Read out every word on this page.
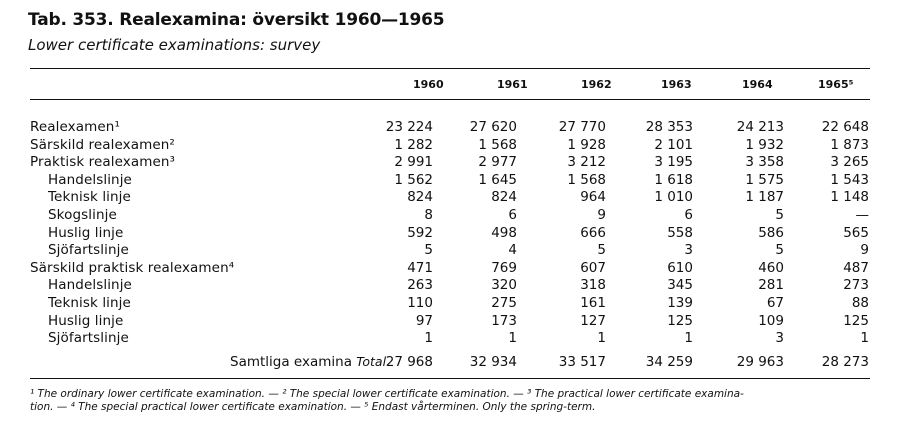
Tab. 353. Realexamina: översikt 1960—1965
Lower certificate examinations: survey
1960	1961	1962	1963	1964	1965⁵
Realexamen¹	23 224	27 620	27 770	28 353	24 213	22 648
Särskild realexamen²	1 282	1 568	1 928	2 101	1 932	1 873
Praktisk realexamen³	2 991	2 977	3 212	3 195	3 358	3 265
Handelslinje	1 562	1 645	1 568	1 618	1 575	1 543
Teknisk linje	824	824	964	1 010	1 187	1 148
Skogslinje	8	6	9	6	5	—
Huslig linje	592	498	666	558	586	565
Sjöfartslinje	5	4	5	3	5	9
Särskild praktisk realexamen⁴	471	769	607	610	460	487
Handelslinje	263	320	318	345	281	273
Teknisk linje	110	275	161	139	67	88
Huslig linje	97	173	127	125	109	125
Sjöfartslinje	1	1	1	1	3	1
Samtliga examina Total 27 968	32 934	33 517	34 259	29 963	28 273
¹ The ordinary lower certificate examination. — ² The special lower certificate examination. — ³ The practical lower certificate examina-
tion. — ⁴ The special practical lower certificate examination. — ⁵ Endast vårterminen. Only the spring-term.
